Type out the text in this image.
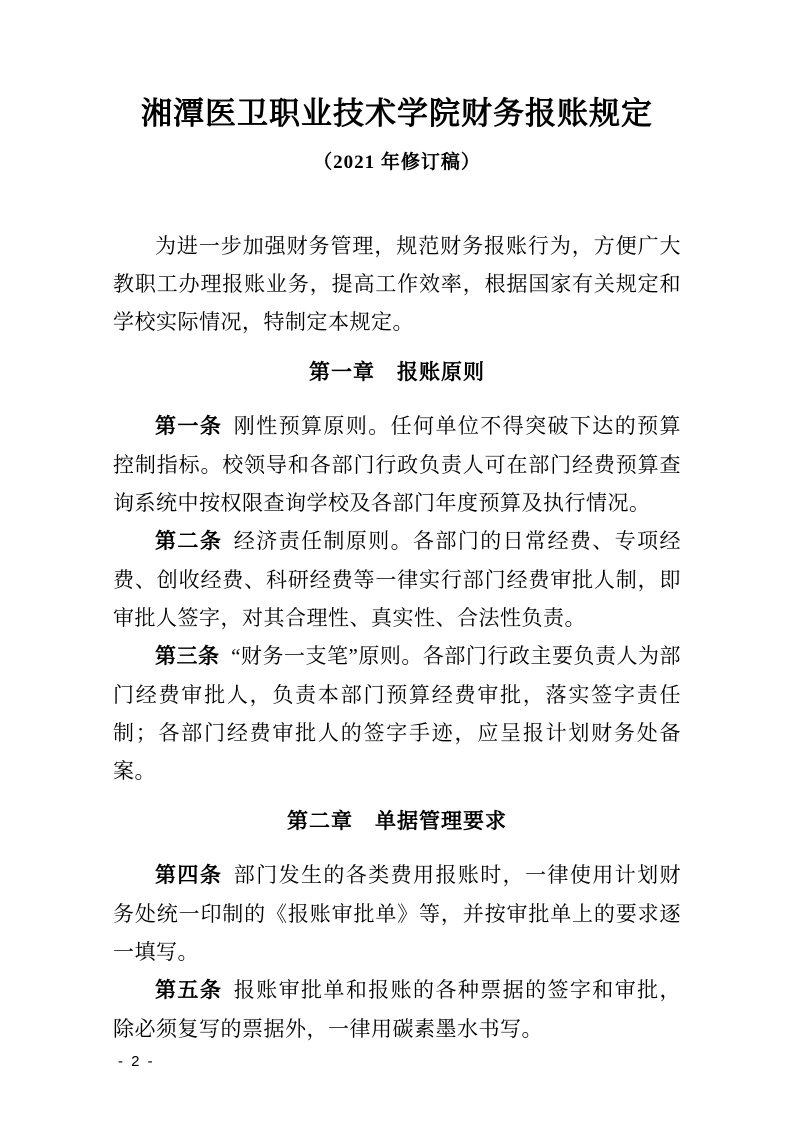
湘潭医卫职业技术学院财务报账规定
（2021 年修订稿）

为进一步加强财务管理，规范财务报账行为，方便广大教职工办理报账业务，提高工作效率，根据国家有关规定和学校实际情况，特制定本规定。

第一章　报账原则

第一条 刚性预算原则。任何单位不得突破下达的预算控制指标。校领导和各部门行政负责人可在部门经费预算查询系统中按权限查询学校及各部门年度预算及执行情况。

第二条 经济责任制原则。各部门的日常经费、专项经费、创收经费、科研经费等一律实行部门经费审批人制，即审批人签字，对其合理性、真实性、合法性负责。

第三条 “财务一支笔”原则。各部门行政主要负责人为部门经费审批人，负责本部门预算经费审批，落实签字责任制；各部门经费审批人的签字手迹，应呈报计划财务处备案。

第二章　单据管理要求

第四条 部门发生的各类费用报账时，一律使用计划财务处统一印制的《报账审批单》等，并按审批单上的要求逐一填写。

第五条 报账审批单和报账的各种票据的签字和审批，除必须复写的票据外，一律用碳素墨水书写。

- 2 -
